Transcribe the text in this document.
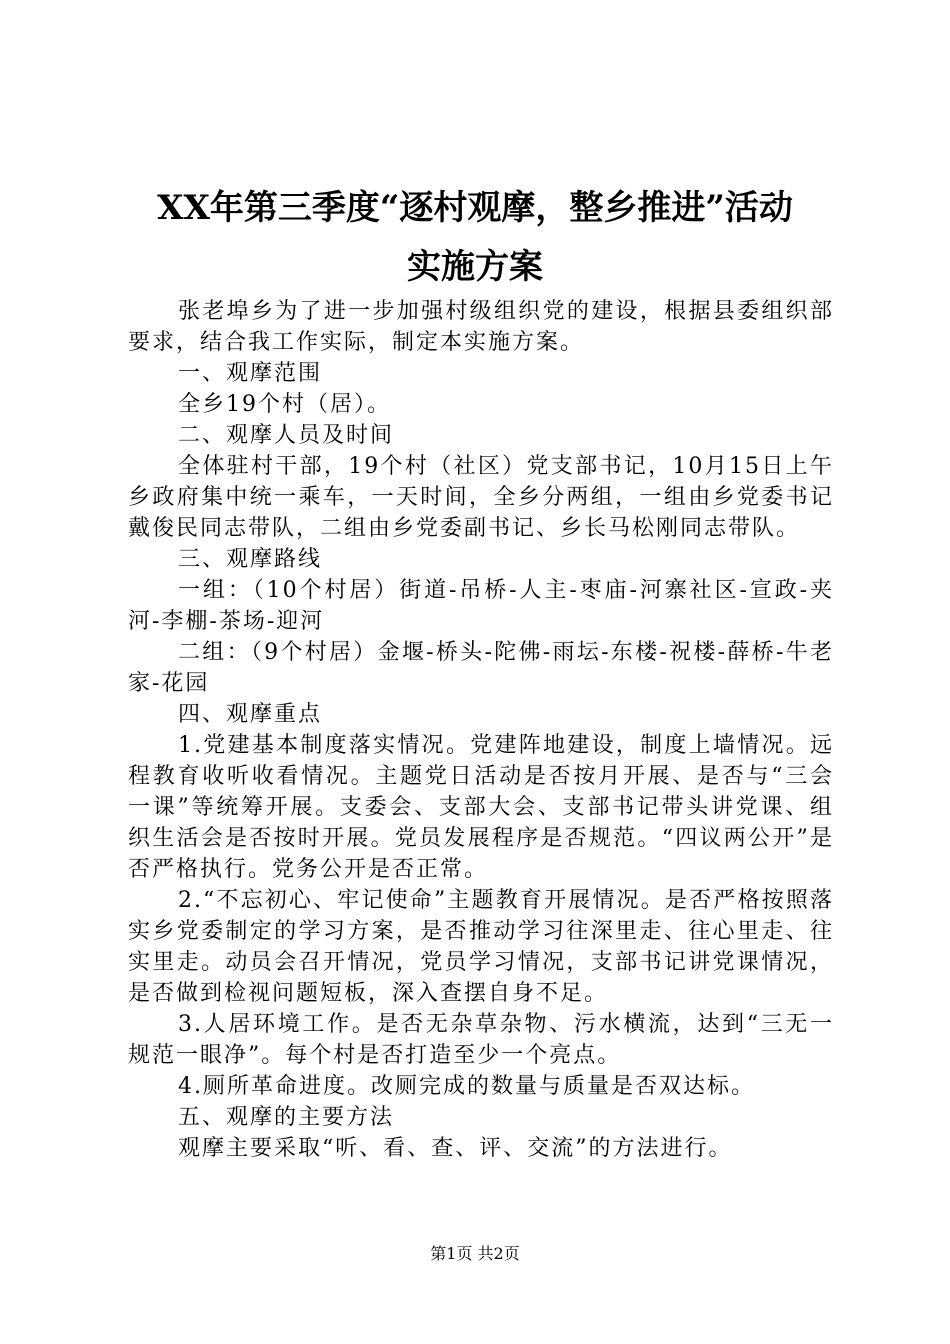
XX年第三季度“逐村观摩，整乡推进”活动
实施方案

张老埠乡为了进一步加强村级组织党的建设，根据县委组织部要求，结合我工作实际，制定本实施方案。

一、观摩范围

全乡19个村（居）。

二、观摩人员及时间

全体驻村干部，19个村（社区）党支部书记，10月15日上午乡政府集中统一乘车，一天时间，全乡分两组，一组由乡党委书记戴俊民同志带队，二组由乡党委副书记、乡长马松刚同志带队。

三、观摩路线

一组：（10个村居）街道-吊桥-人主-枣庙-河寨社区-宣政-夹河-李棚-茶场-迎河

二组：（9个村居）金堰-桥头-陀佛-雨坛-东楼-祝楼-薛桥-牛老家-花园

四、观摩重点

1.党建基本制度落实情况。党建阵地建设，制度上墙情况。远程教育收听收看情况。主题党日活动是否按月开展、是否与“三会一课”等统筹开展。支委会、支部大会、支部书记带头讲党课、组织生活会是否按时开展。党员发展程序是否规范。“四议两公开”是否严格执行。党务公开是否正常。

2.“不忘初心、牢记使命”主题教育开展情况。是否严格按照落实乡党委制定的学习方案，是否推动学习往深里走、往心里走、往实里走。动员会召开情况，党员学习情况，支部书记讲党课情况，是否做到检视问题短板，深入查摆自身不足。

3.人居环境工作。是否无杂草杂物、污水横流，达到“三无一规范一眼净”。每个村是否打造至少一个亮点。

4.厕所革命进度。改厕完成的数量与质量是否双达标。

五、观摩的主要方法

观摩主要采取“听、看、查、评、交流”的方法进行。

第1页 共2页
